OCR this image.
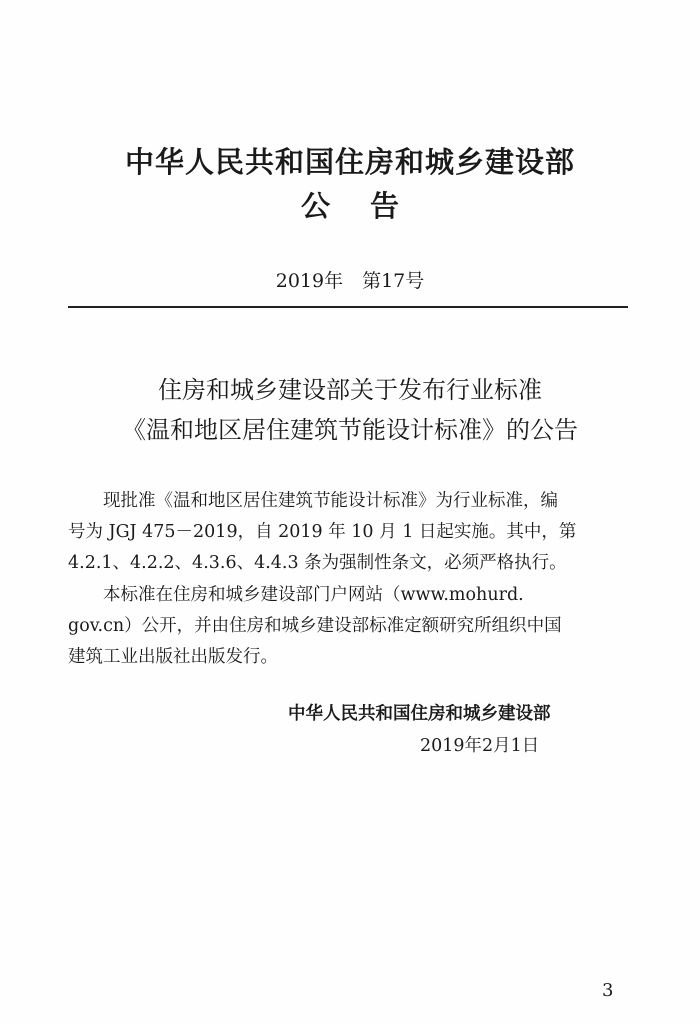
中华人民共和国住房和城乡建设部
公告
2019年　第17号
住房和城乡建设部关于发布行业标准
《温和地区居住建筑节能设计标准》的公告
　　现批准《温和地区居住建筑节能设计标准》为行业标准，编
号为 JGJ 475－2019，自 2019 年 10 月 1 日起实施。其中，第
4.2.1、4.2.2、4.3.6、4.4.3 条为强制性条文，必须严格执行。
　　本标准在住房和城乡建设部门户网站（www.mohurd.
gov.cn）公开，并由住房和城乡建设部标准定额研究所组织中国
建筑工业出版社出版发行。
中华人民共和国住房和城乡建设部
2019年2月1日
3
